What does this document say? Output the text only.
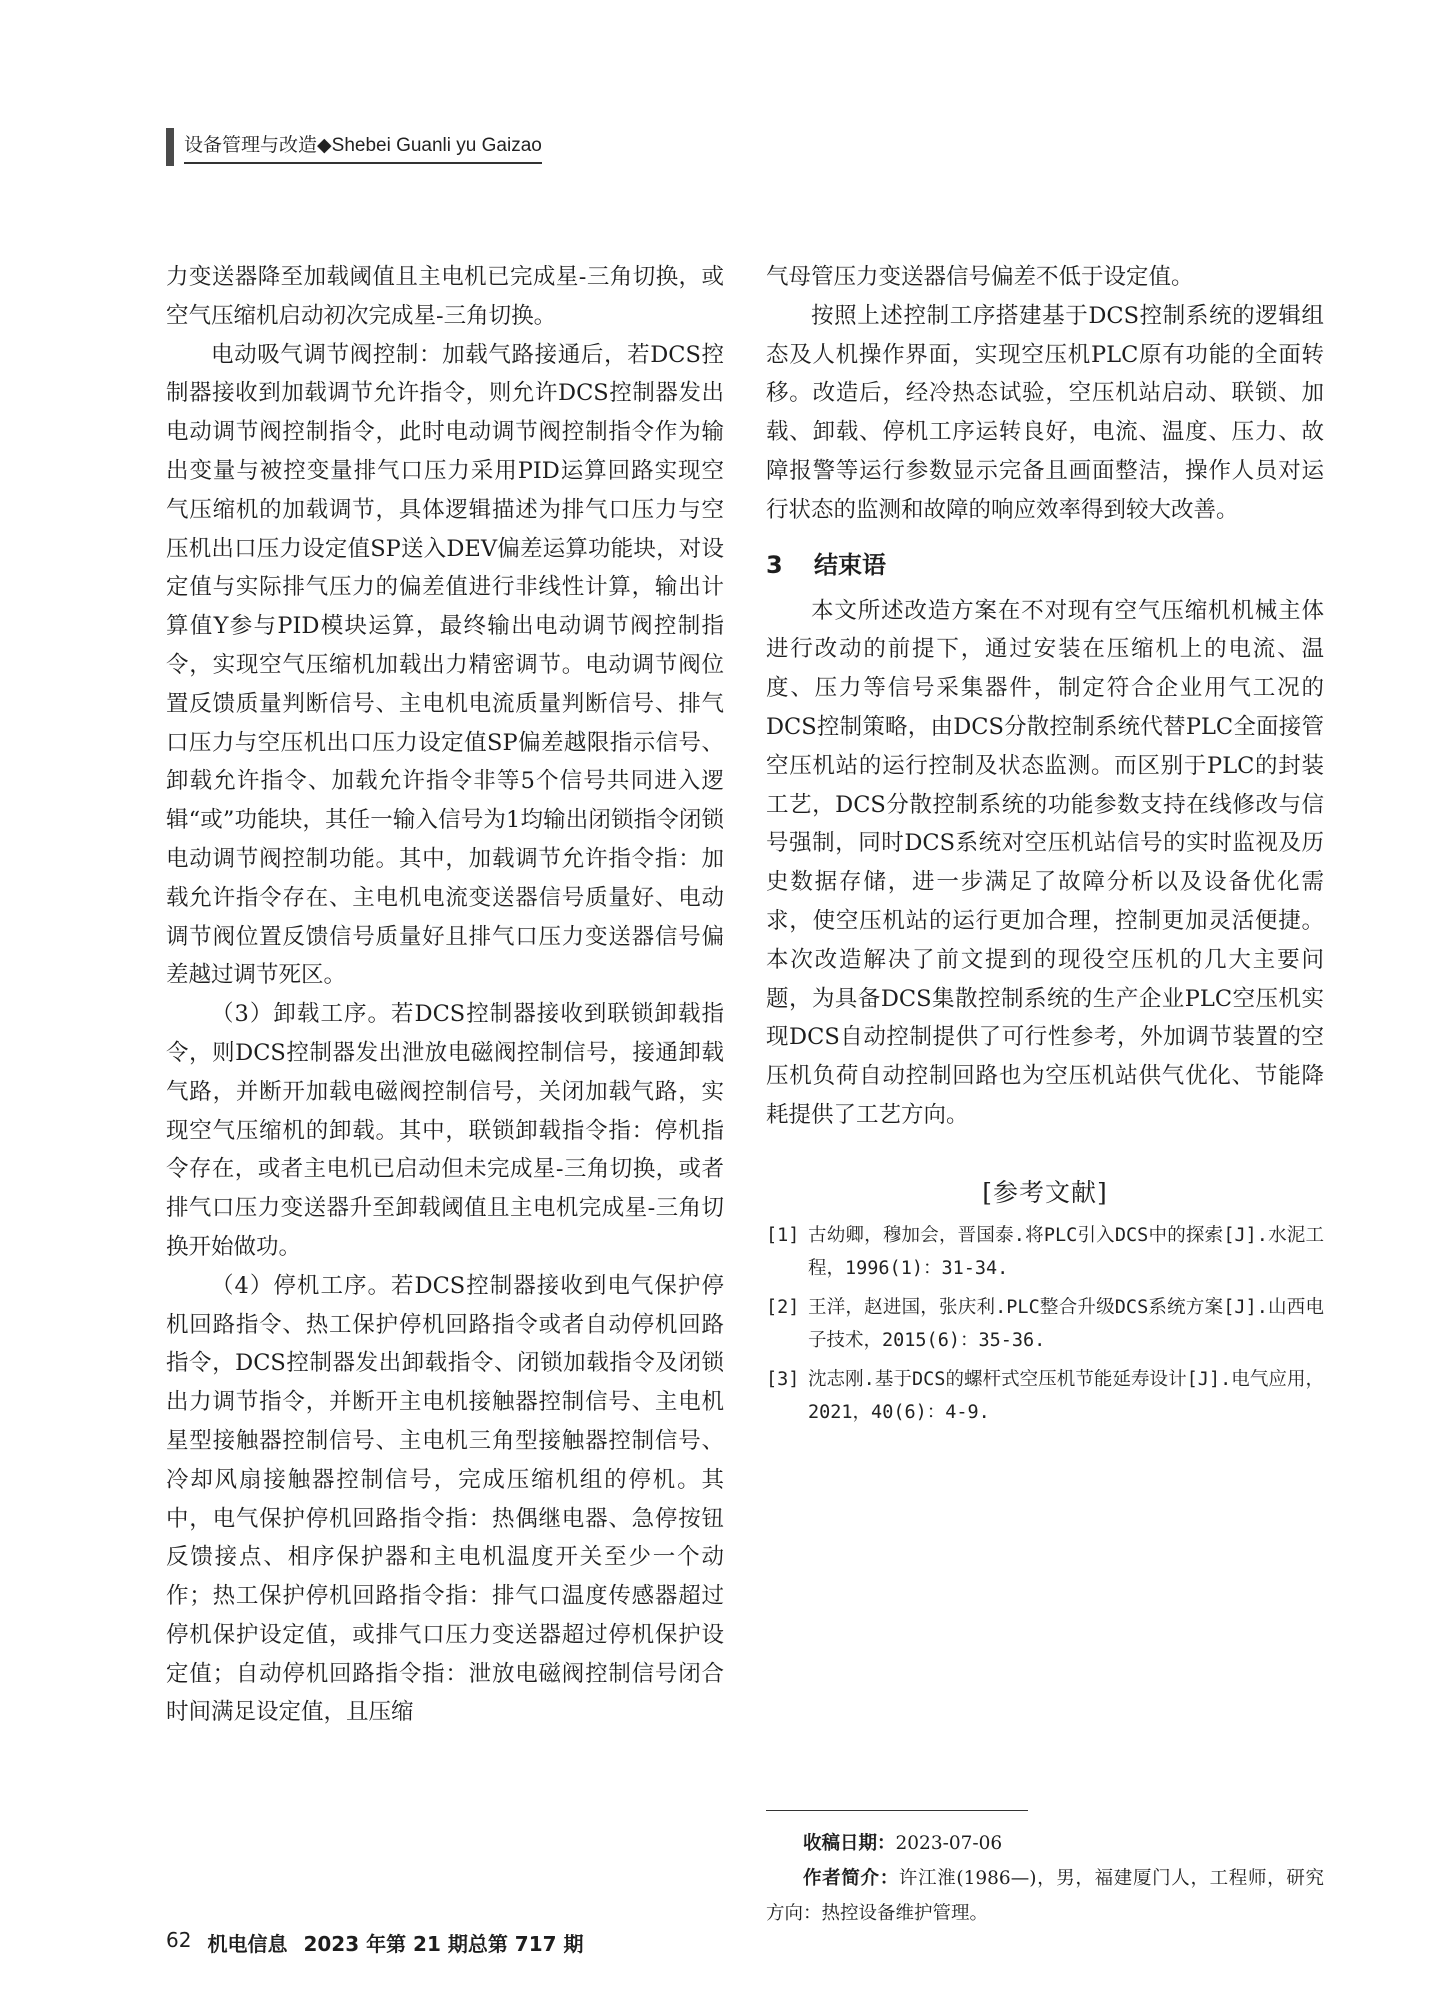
设备管理与改造◆Shebei Guanli yu Gaizao

力变送器降至加载阈值且主电机已完成星-三角切换，或空气压缩机启动初次完成星-三角切换。

电动吸气调节阀控制：加载气路接通后，若DCS控制器接收到加载调节允许指令，则允许DCS控制器发出电动调节阀控制指令，此时电动调节阀控制指令作为输出变量与被控变量排气口压力采用PID运算回路实现空气压缩机的加载调节，具体逻辑描述为排气口压力与空压机出口压力设定值SP送入DEV偏差运算功能块，对设定值与实际排气压力的偏差值进行非线性计算，输出计算值Y参与PID模块运算，最终输出电动调节阀控制指令，实现空气压缩机加载出力精密调节。电动调节阀位置反馈质量判断信号、主电机电流质量判断信号、排气口压力与空压机出口压力设定值SP偏差越限指示信号、卸载允许指令、加载允许指令非等5个信号共同进入逻辑“或”功能块，其任一输入信号为1均输出闭锁指令闭锁电动调节阀控制功能。其中，加载调节允许指令指：加载允许指令存在、主电机电流变送器信号质量好、电动调节阀位置反馈信号质量好且排气口压力变送器信号偏差越过调节死区。

（3）卸载工序。若DCS控制器接收到联锁卸载指令，则DCS控制器发出泄放电磁阀控制信号，接通卸载气路，并断开加载电磁阀控制信号，关闭加载气路，实现空气压缩机的卸载。其中，联锁卸载指令指：停机指令存在，或者主电机已启动但未完成星-三角切换，或者排气口压力变送器升至卸载阈值且主电机完成星-三角切换开始做功。

（4）停机工序。若DCS控制器接收到电气保护停机回路指令、热工保护停机回路指令或者自动停机回路指令，DCS控制器发出卸载指令、闭锁加载指令及闭锁出力调节指令，并断开主电机接触器控制信号、主电机星型接触器控制信号、主电机三角型接触器控制信号、冷却风扇接触器控制信号，完成压缩机组的停机。其中，电气保护停机回路指令指：热偶继电器、急停按钮反馈接点、相序保护器和主电机温度开关至少一个动作；热工保护停机回路指令指：排气口温度传感器超过停机保护设定值，或排气口压力变送器超过停机保护设定值；自动停机回路指令指：泄放电磁阀控制信号闭合时间满足设定值，且压缩

气母管压力变送器信号偏差不低于设定值。

按照上述控制工序搭建基于DCS控制系统的逻辑组态及人机操作界面，实现空压机PLC原有功能的全面转移。改造后，经冷热态试验，空压机站启动、联锁、加载、卸载、停机工序运转良好，电流、温度、压力、故障报警等运行参数显示完备且画面整洁，操作人员对运行状态的监测和故障的响应效率得到较大改善。

3	结束语

本文所述改造方案在不对现有空气压缩机机械主体进行改动的前提下，通过安装在压缩机上的电流、温度、压力等信号采集器件，制定符合企业用气工况的DCS控制策略，由DCS分散控制系统代替PLC全面接管空压机站的运行控制及状态监测。而区别于PLC的封装工艺，DCS分散控制系统的功能参数支持在线修改与信号强制，同时DCS系统对空压机站信号的实时监视及历史数据存储，进一步满足了故障分析以及设备优化需求，使空压机站的运行更加合理，控制更加灵活便捷。本次改造解决了前文提到的现役空压机的几大主要问题，为具备DCS集散控制系统的生产企业PLC空压机实现DCS自动控制提供了可行性参考，外加调节装置的空压机负荷自动控制回路也为空压机站供气优化、节能降耗提供了工艺方向。

[参考文献]
[1] 古幼卿，穆加会，晋国泰.将PLC引入DCS中的探索[J].水泥工程，1996(1)：31-34.
[2] 王洋，赵进国，张庆利.PLC整合升级DCS系统方案[J].山西电子技术，2015(6)：35-36.
[3] 沈志刚.基于DCS的螺杆式空压机节能延寿设计[J].电气应用，2021，40(6)：4-9.

收稿日期：2023-07-06

作者简介：许江淮(1986—)，男，福建厦门人，工程师，研究方向：热控设备维护管理。

62 机电信息 2023 年第 21 期总第 717 期
